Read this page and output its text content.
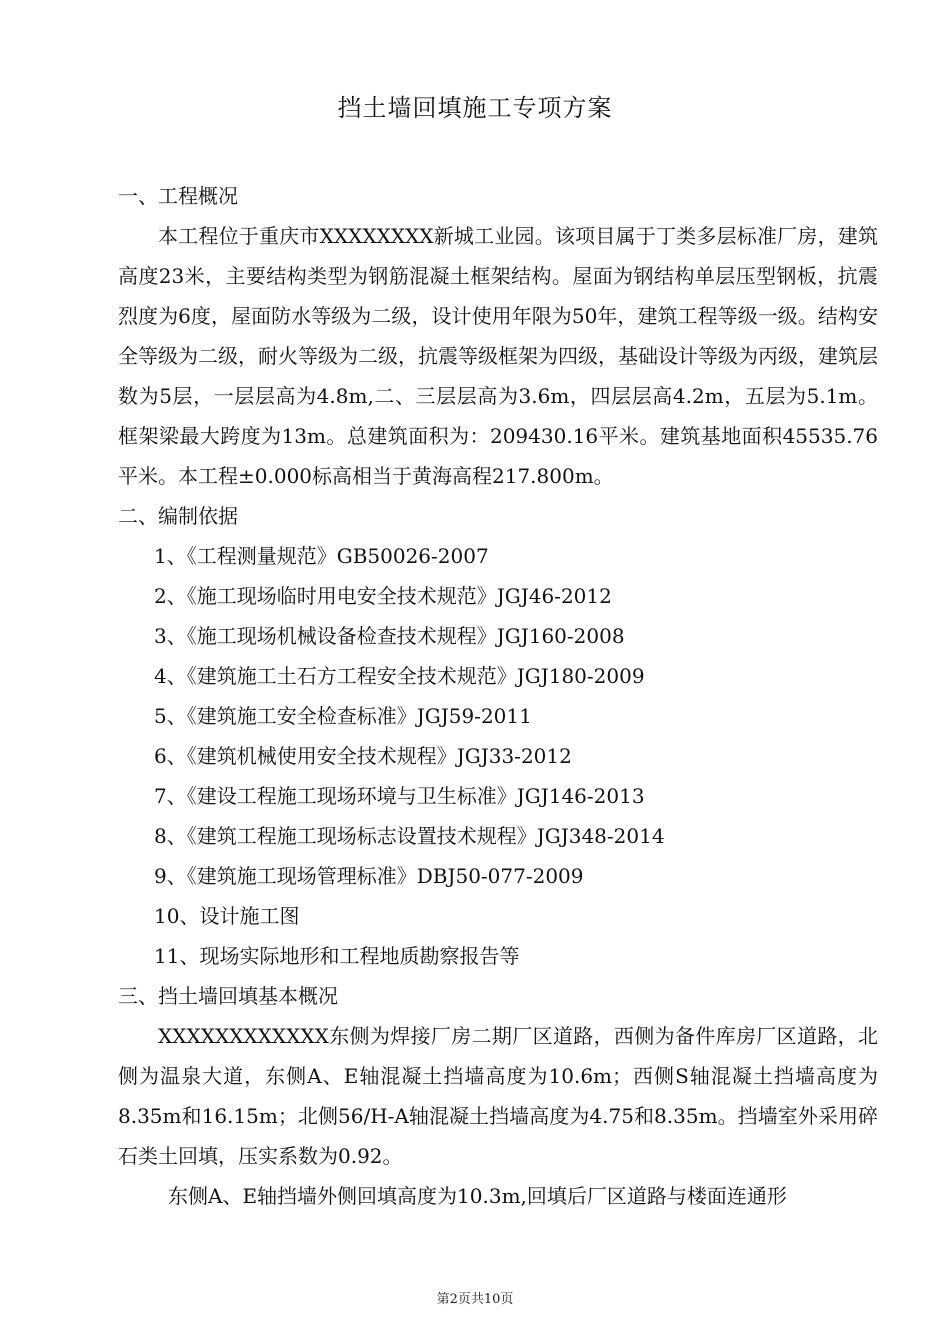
挡土墙回填施工专项方案
一、工程概况
本工程位于重庆市XXXXXXXX新城工业园。该项目属于丁类多层标准厂房，建筑高度23米，主要结构类型为钢筋混凝土框架结构。屋面为钢结构单层压型钢板，抗震烈度为6度，屋面防水等级为二级，设计使用年限为50年，建筑工程等级一级。结构安全等级为二级，耐火等级为二级，抗震等级框架为四级，基础设计等级为丙级，建筑层数为5层，一层层高为4.8m,二、三层层高为3.6m，四层层高4.2m，五层为5.1m。框架梁最大跨度为13m。总建筑面积为：209430.16平米。建筑基地面积45535.76平米。本工程±0.000标高相当于黄海高程217.800m。
二、编制依据
1、《工程测量规范》GB50026-2007
2、《施工现场临时用电安全技术规范》JGJ46-2012
3、《施工现场机械设备检查技术规程》JGJ160-2008
4、《建筑施工土石方工程安全技术规范》JGJ180-2009
5、《建筑施工安全检查标准》JGJ59-2011
6、《建筑机械使用安全技术规程》JGJ33-2012
7、《建设工程施工现场环境与卫生标准》JGJ146-2013
8、《建筑工程施工现场标志设置技术规程》JGJ348-2014
9、《建筑施工现场管理标准》DBJ50-077-2009
10、设计施工图
11、现场实际地形和工程地质勘察报告等
三、挡土墙回填基本概况
XXXXXXXXXXXX东侧为焊接厂房二期厂区道路，西侧为备件库房厂区道路，北侧为温泉大道，东侧A、E轴混凝土挡墙高度为10.6m；西侧S轴混凝土挡墙高度为8.35m和16.15m；北侧56/H-A轴混凝土挡墙高度为4.75和8.35m。挡墙室外采用碎石类土回填，压实系数为0.92。
东侧A、E轴挡墙外侧回填高度为10.3m,回填后厂区道路与楼面连通形
第2页共10页
